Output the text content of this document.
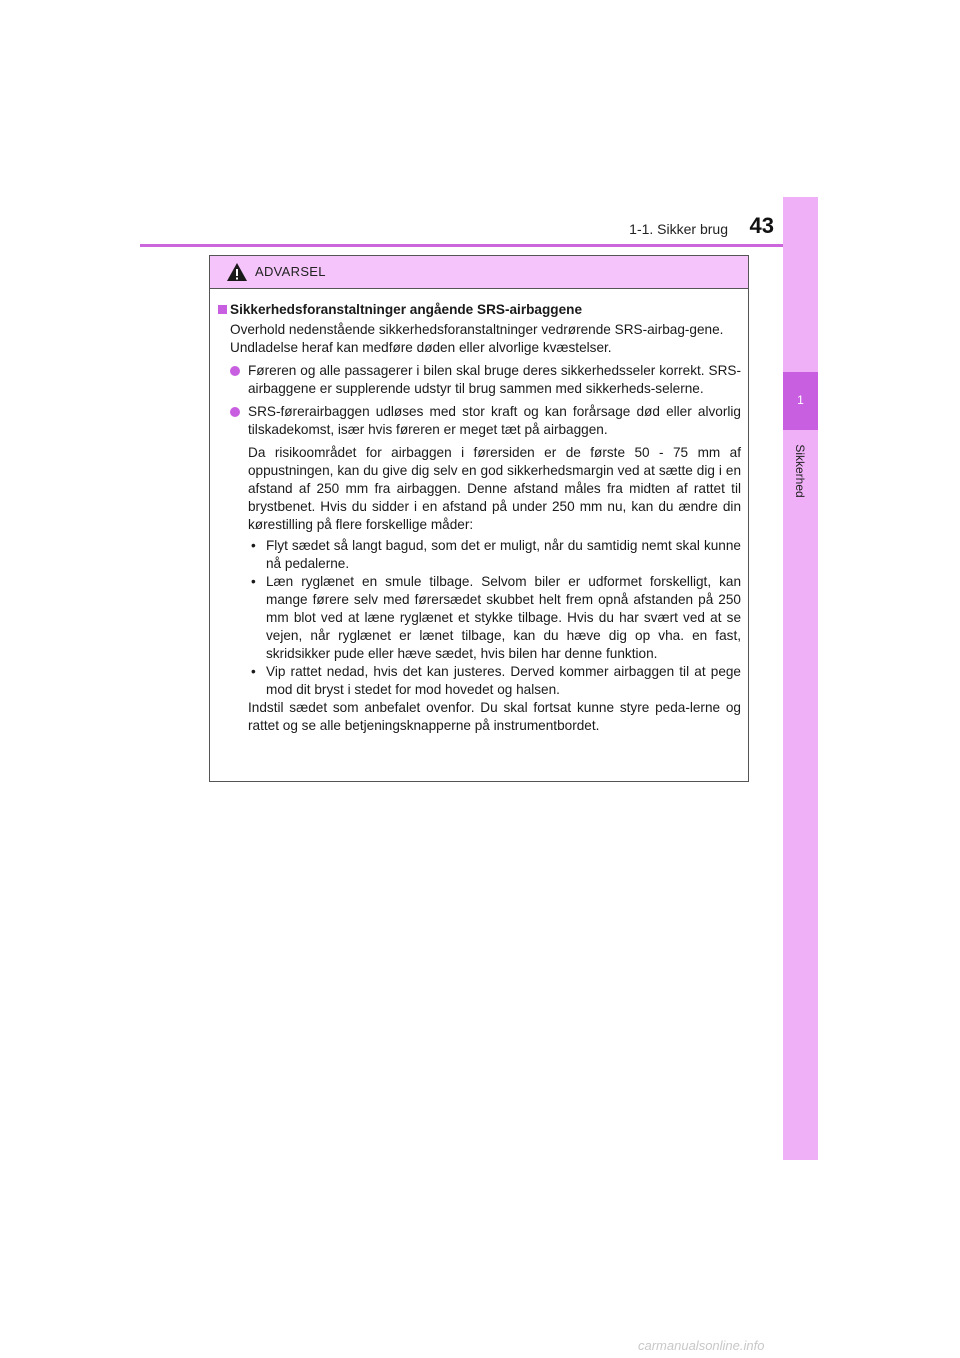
1-1. Sikker brug 43
1
Sikkerhed
ADVARSEL
Sikkerhedsforanstaltninger angående SRS-airbaggene
Overhold nedenstående sikkerhedsforanstaltninger vedrørende SRS-airbag-gene.
Undladelse heraf kan medføre døden eller alvorlige kvæstelser.
Føreren og alle passagerer i bilen skal bruge deres sikkerhedsseler korrekt. SRS-airbaggene er supplerende udstyr til brug sammen med sikkerheds-selerne.
SRS-førerairbaggen udløses med stor kraft og kan forårsage død eller alvorlig tilskadekomst, især hvis føreren er meget tæt på airbaggen.
Da risikoområdet for airbaggen i førersiden er de første 50 - 75 mm af oppustningen, kan du give dig selv en god sikkerhedsmargin ved at sætte dig i en afstand af 250 mm fra airbaggen. Denne afstand måles fra midten af rattet til brystbenet. Hvis du sidder i en afstand på under 250 mm nu, kan du ændre din kørestilling på flere forskellige måder:
• Flyt sædet så langt bagud, som det er muligt, når du samtidig nemt skal kunne nå pedalerne.
• Læn ryglænet en smule tilbage. Selvom biler er udformet forskelligt, kan mange førere selv med førersædet skubbet helt frem opnå afstanden på 250 mm blot ved at læne ryglænet et stykke tilbage. Hvis du har svært ved at se vejen, når ryglænet er lænet tilbage, kan du hæve dig op vha. en fast, skridsikker pude eller hæve sædet, hvis bilen har denne funktion.
• Vip rattet nedad, hvis det kan justeres. Derved kommer airbaggen til at pege mod dit bryst i stedet for mod hovedet og halsen.
Indstil sædet som anbefalet ovenfor. Du skal fortsat kunne styre peda-lerne og rattet og se alle betjeningsknapperne på instrumentbordet.
carmanualsonline.info
